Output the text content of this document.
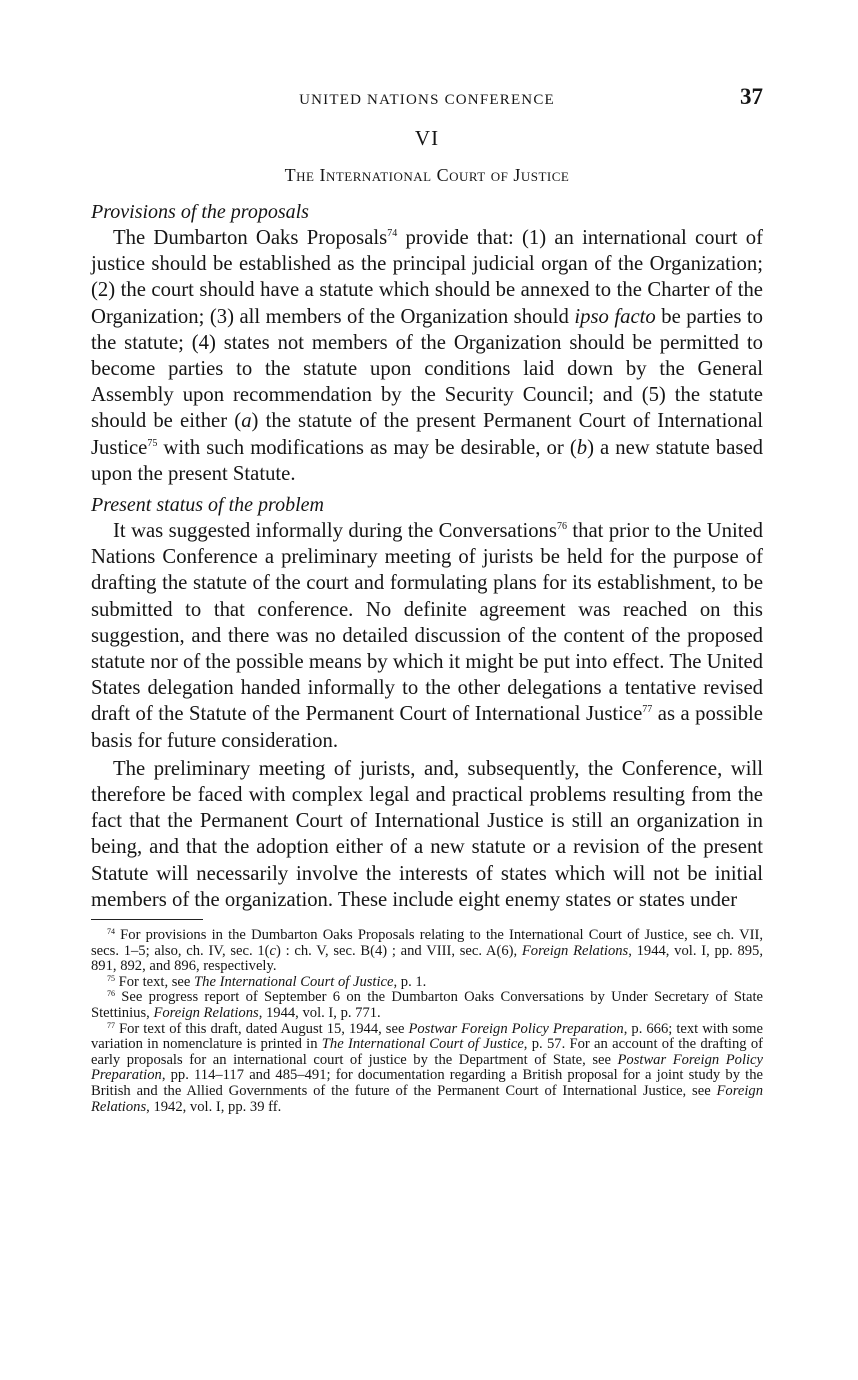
UNITED NATIONS CONFERENCE	37
VI
The International Court of Justice
Provisions of the proposals

The Dumbarton Oaks Proposals$^{74}$ provide that: (1) an international court of justice should be established as the principal judicial organ of the Organization; (2) the court should have a statute which should be annexed to the Charter of the Organization; (3) all members of the Organization should ipso facto be parties to the statute; (4) states not members of the Organization should be permitted to become parties to the statute upon conditions laid down by the General Assembly upon recommendation by the Security Council; and (5) the statute should be either (a) the statute of the present Permanent Court of International Justice$^{75}$ with such modifications as may be desirable, or (b) a new statute based upon the present Statute.

Present status of the problem

It was suggested informally during the Conversations$^{76}$ that prior to the United Nations Conference a preliminary meeting of jurists be held for the purpose of drafting the statute of the court and formulating plans for its establishment, to be submitted to that conference. No definite agreement was reached on this suggestion, and there was no detailed discussion of the content of the proposed statute nor of the possible means by which it might be put into effect. The United States delegation handed informally to the other delegations a tentative revised draft of the Statute of the Permanent Court of International Justice$^{77}$ as a possible basis for future consideration.

The preliminary meeting of jurists, and, subsequently, the Conference, will therefore be faced with complex legal and practical problems resulting from the fact that the Permanent Court of International Justice is still an organization in being, and that the adoption either of a new statute or a revision of the present Statute will necessarily involve the interests of states which will not be initial members of the organization. These include eight enemy states or states under

$^{74}$ For provisions in the Dumbarton Oaks Proposals relating to the International Court of Justice, see ch. VII, secs. 1–5; also, ch. IV, sec. 1(c) : ch. V, sec. B(4) ; and VIII, sec. A(6), Foreign Relations, 1944, vol. I, pp. 895, 891, 892, and 896, respectively.

$^{75}$ For text, see The International Court of Justice, p. 1.

$^{76}$ See progress report of September 6 on the Dumbarton Oaks Conversations by Under Secretary of State Stettinius, Foreign Relations, 1944, vol. I, p. 771.

$^{77}$ For text of this draft, dated August 15, 1944, see Postwar Foreign Policy Preparation, p. 666; text with some variation in nomenclature is printed in The International Court of Justice, p. 57. For an account of the drafting of early proposals for an international court of justice by the Department of State, see Postwar Foreign Policy Preparation, pp. 114–117 and 485–491; for documentation regarding a British proposal for a joint study by the British and the Allied Governments of the future of the Permanent Court of International Justice, see Foreign Relations, 1942, vol. I, pp. 39 ff.
